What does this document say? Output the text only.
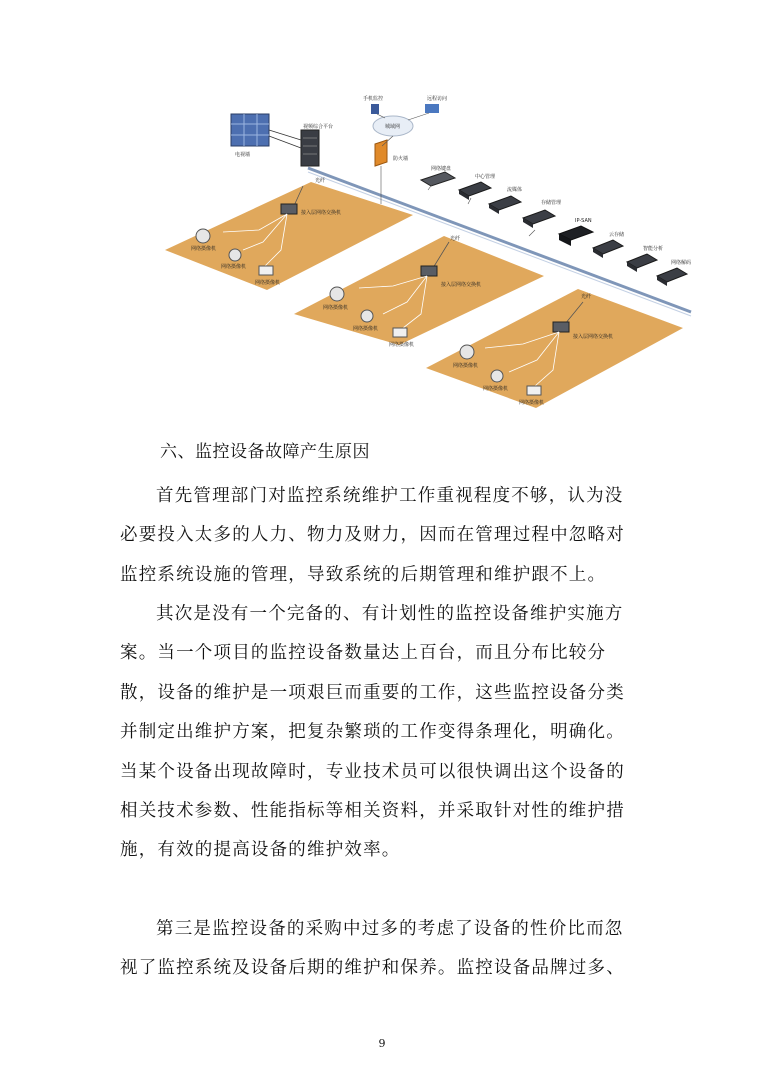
电视墙
视频综合平台	城域网
手机监控	远程访问
防火墙
光纤
光纤
光纤
网络键盘
中心管理
流媒体
存储管理
IP-SAN
云存储
智能分析
网络解码
接入层网络交换机
网络摄像机
网络摄像机
网络摄像机	接入层网络交换机
网络摄像机
网络摄像机
网络摄像机
接入层网络交换机
网络摄像机
网络摄像机
网络摄像机
六、监控设备故障产生原因

首先管理部门对监控系统维护工作重视程度不够，认为没必要投入太多的人力、物力及财力，因而在管理过程中忽略对监控系统设施的管理，导致系统的后期管理和维护跟不上。

其次是没有一个完备的、有计划性的监控设备维护实施方案。当一个项目的监控设备数量达上百台，而且分布比较分散，设备的维护是一项艰巨而重要的工作，这些监控设备分类并制定出维护方案，把复杂繁琐的工作变得条理化，明确化。当某个设备出现故障时，专业技术员可以很快调出这个设备的相关技术参数、性能指标等相关资料，并采取针对性的维护措施，有效的提高设备的维护效率。

第三是监控设备的采购中过多的考虑了设备的性价比而忽视了监控系统及设备后期的维护和保养。监控设备品牌过多、

9
